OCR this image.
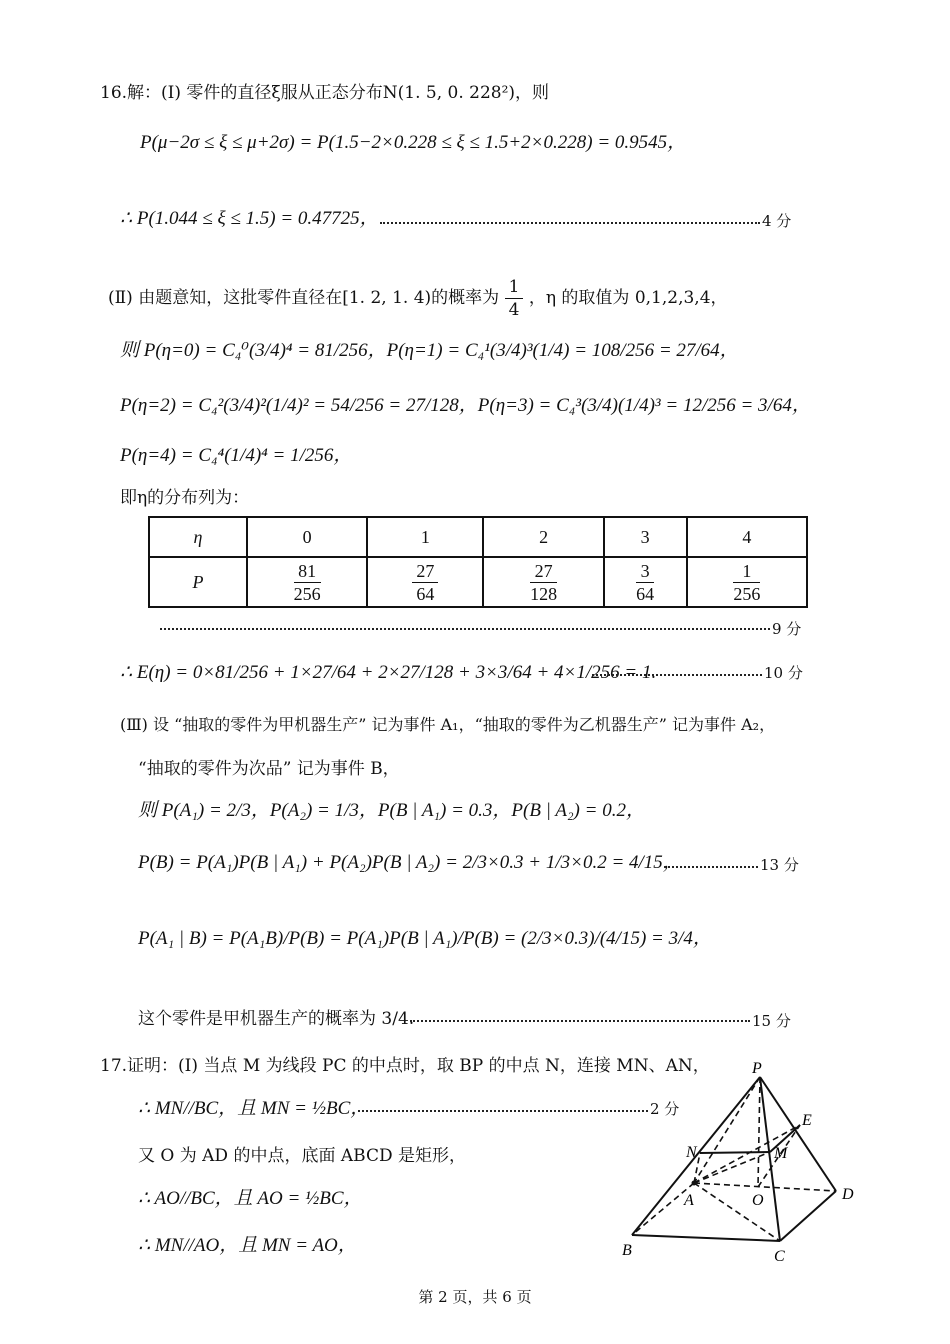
16.解：(Ⅰ) 零件的直径ξ服从正态分布N(1. 5, 0. 228²)，则
P(μ−2σ ≤ ξ ≤ μ+2σ) = P(1.5−2×0.228 ≤ ξ ≤ 1.5+2×0.228) = 0.9545，
∴ P(1.044 ≤ ξ ≤ 1.5) = 0.47725，	4 分
(Ⅱ) 由题意知，这批零件直径在[1. 2, 1. 4)的概率为 $\frac{1}{4}$ ，η 的取值为 0,1,2,3,4，
则 P(η=0) = C₄⁰(3/4)⁴ = 81/256，P(η=1) = C₄¹(3/4)³(1/4) = 108/256 = 27/64，
P(η=2) = C₄²(3/4)²(1/4)² = 54/256 = 27/128，P(η=3) = C₄³(3/4)(1/4)³ = 12/256 = 3/64，
P(η=4) = C₄⁴(1/4)⁴ = 1/256，
即η的分布列为：
η	0	1	2	3	4
P	$\frac{81}{256}$	$\frac{27}{64}$	$\frac{27}{128}$	$\frac{3}{64}$	$\frac{1}{256}$
9 分
∴ E(η) = 0×81/256 + 1×27/64 + 2×27/128 + 3×3/64 + 4×1/256 = 1.	10 分
(Ⅲ) 设 “抽取的零件为甲机器生产” 记为事件 A₁，“抽取的零件为乙机器生产” 记为事件 A₂，
“抽取的零件为次品” 记为事件 B，
则 P(A₁) = 2/3，P(A₂) = 1/3，P(B | A₁) = 0.3，P(B | A₂) = 0.2，
P(B) = P(A₁)P(B | A₁) + P(A₂)P(B | A₂) = 2/3×0.3 + 1/3×0.2 = 4/15，	13 分
P(A₁ | B) = P(A₁B)/P(B) = P(A₁)P(B | A₁)/P(B) = (2/3×0.3)/(4/15) = 3/4，
这个零件是甲机器生产的概率为 3/4.	15 分
17.证明：(Ⅰ) 当点 M 为线段 PC 的中点时，取 BP 的中点 N，连接 MN、AN，
∴ MN//BC，且 MN = ½BC，	2 分
又 O 为 AD 的中点，底面 ABCD 是矩形，
∴ AO//BC，且 AO = ½BC，
∴ MN//AO，且 MN = AO，
P
E
N	M
A	O	D
B	C
第 2 页，共 6 页
